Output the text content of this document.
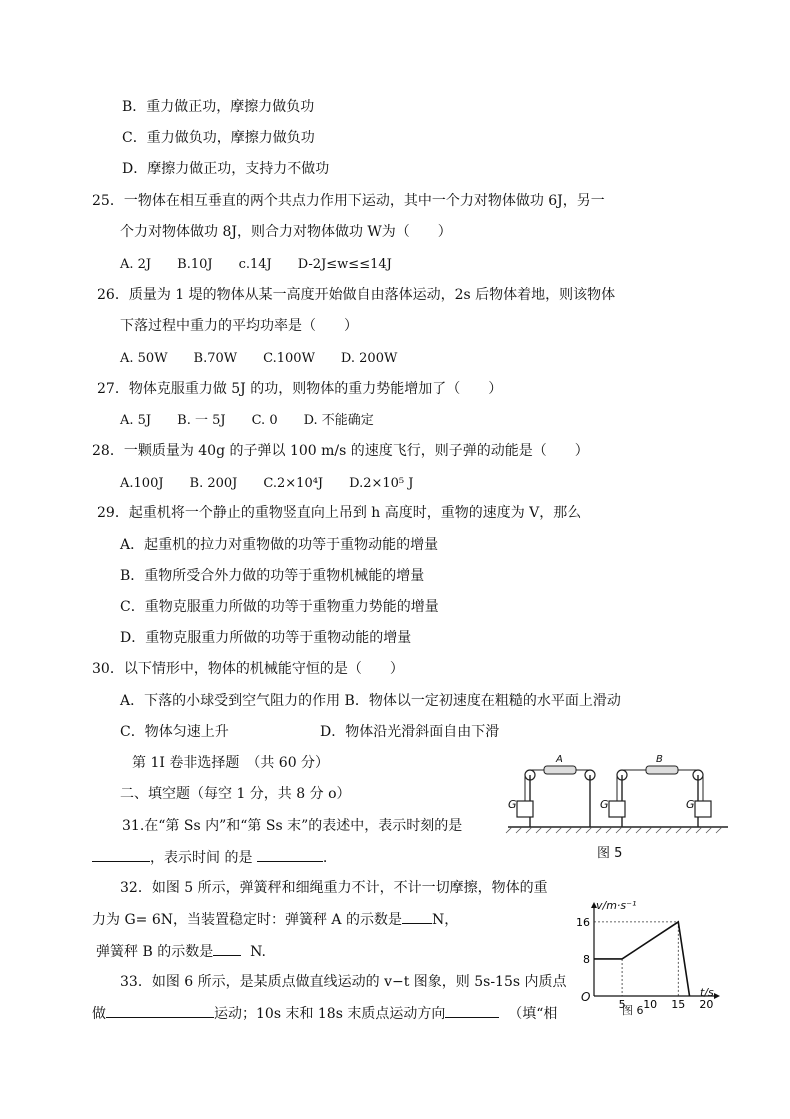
B．重力做正功，摩擦力做负功
C．重力做负功，摩擦力做负功
D．摩擦力做正功，支持力不做功
25．一物体在相互垂直的两个共点力作用下运动，其中一个力对物体做功 6J，另一
个力对物体做功 8J，则合力对物体做功 W为（　　）
A. 2J　　B.10J　　c.14J　　D-2J≤w≤≤14J
26．质量为 1 堤的物体从某一高度开始做自由落体运动，2s 后物体着地，则该物体
下落过程中重力的平均功率是（　　）
A. 50W　　B.70W　　C.100W　　D. 200W
27．物体克服重力做 5J 的功，则物体的重力势能增加了（　　）
A. 5J　　B. 一 5J　　C. 0　　D. 不能确定
28．一颗质量为 40g 的子弹以 100 m/s 的速度飞行，则子弹的动能是（　　）
A.100J　　B. 200J　　C.2×10⁴J　　D.2×10⁵ J
29．起重机将一个静止的重物竖直向上吊到 h 高度时，重物的速度为 V，那么
A．起重机的拉力对重物做的功等于重物动能的增量
B．重物所受合外力做的功等于重物机械能的增量
C．重物克服重力所做的功等于重物重力势能的增量
D．重物克服重力所做的功等于重物动能的增量
30．以下情形中，物体的机械能守恒的是（　　）
A．下落的小球受到空气阻力的作用 B．物体以一定初速度在粗糙的水平面上滑动
C．物体匀速上升	D．物体沿光滑斜面自由下滑
第 1I 卷非选择题　（共 60 分）
二、填空题（每空 1 分，共 8 分 o）
31.在“第 Ss 内”和“第 Ss 末”的表述中，表示时刻的是
，表示时间 的是	.
32．如图 5 所示，弹簧秤和细绳重力不计，不计一切摩擦，物体的重
力为 G= 6N，当装置稳定时：弹簧秤 A 的示数是 N，
弹簧秤 B 的示数是	N.
33．如图 6 所示，是某质点做直线运动的 v−t 图象，则 5s-15s 内质点
做	运动；10s 末和 18s 末质点运动方向	（填“相
A	B
G	G	G
图 5
5 10 15 20
8
16
v/m·s⁻¹
t/s
O
图 6
